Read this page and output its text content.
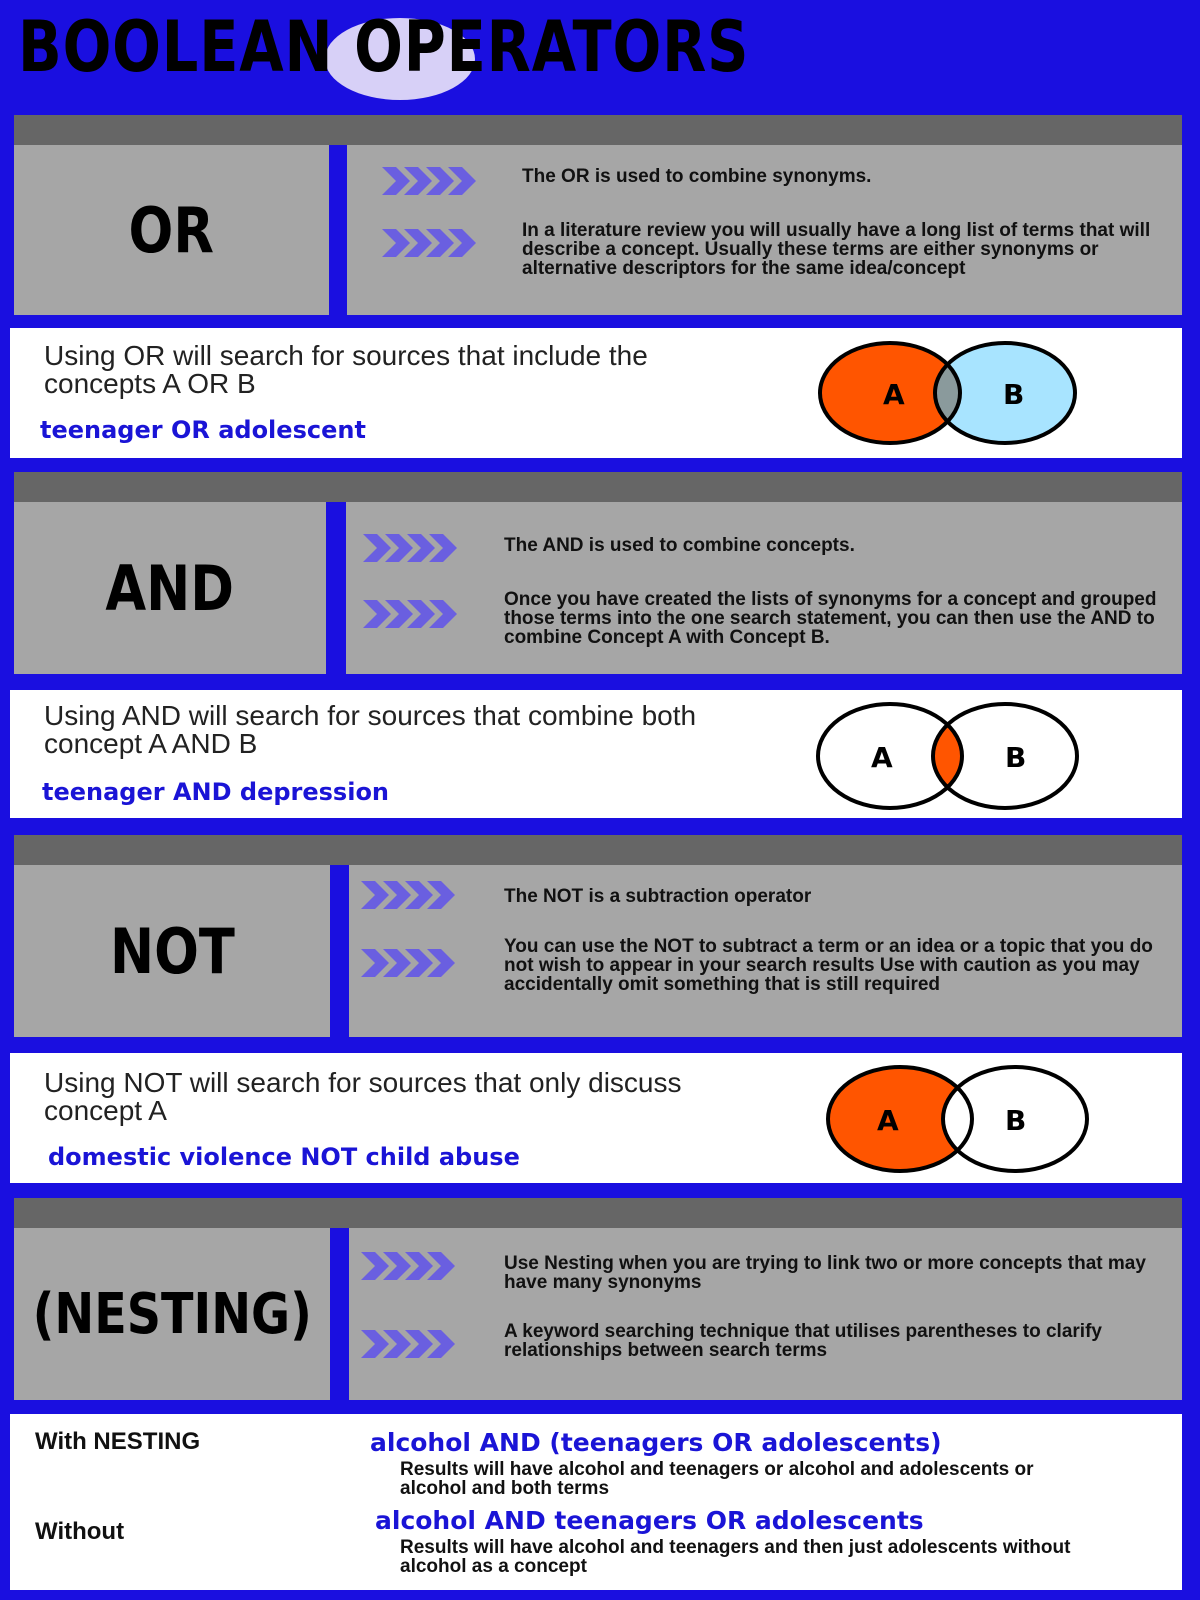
BOOLEAN OPERATORS
OR
The OR is used to combine synonyms.
In a literature review you will usually have a long list of terms that will describe a concept. Usually these terms are either synonyms or alternative descriptors for the same idea/concept
Using OR will search for sources that include the concepts A OR B
teenager OR adolescent
A	B
AND
The AND is used to combine concepts.
Once you have created the lists of synonyms for a concept and grouped those terms into the one search statement, you can then use the AND to combine Concept A with Concept B.
Using AND will search for sources that combine both concept A AND B
teenager AND depression
A	B
NOT
The NOT is a subtraction operator
You can use the NOT to subtract a term or an idea or a topic that you do not wish to appear in your search results Use with caution as you may accidentally omit something that is still required
Using NOT will search for sources that only discuss concept A
domestic violence NOT child abuse
A	B
(NESTING)
Use Nesting when you are trying to link two or more concepts that may have many synonyms
A keyword searching technique that utilises parentheses to clarify relationships between search terms
With NESTING	alcohol AND (teenagers OR adolescents)
Results will have alcohol and teenagers or alcohol and adolescents or alcohol and both terms
Without	alcohol AND teenagers OR adolescents
Results will have alcohol and teenagers and then just adolescents without alcohol as a concept
